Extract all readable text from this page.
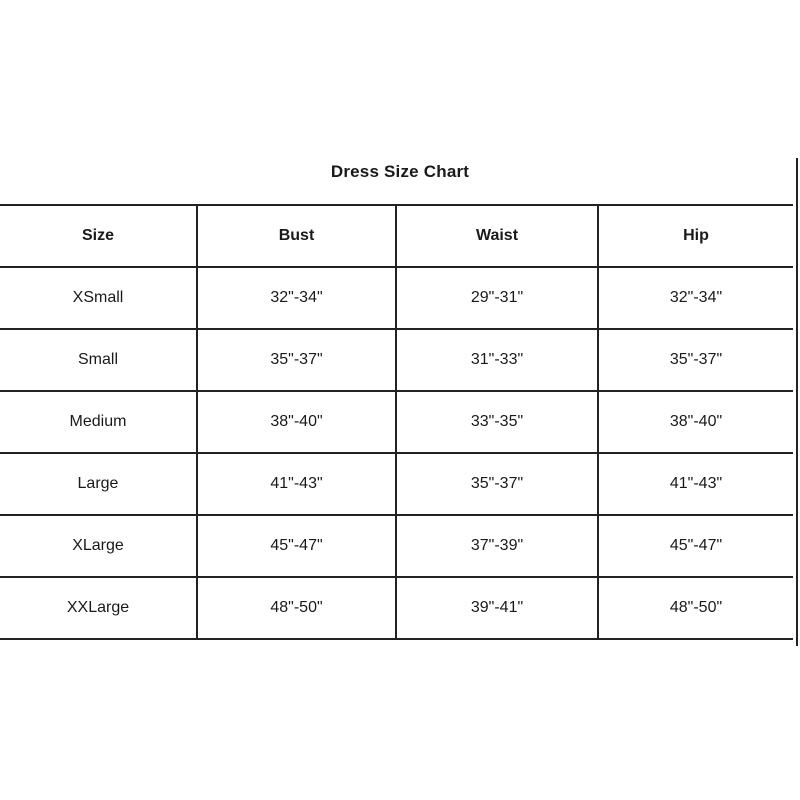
Dress Size Chart
Size	Bust	Waist	Hip
XSmall	32"-34"	29"-31"	32"-34"
Small	35"-37"	31"-33"	35"-37"
Medium	38"-40"	33"-35"	38"-40"
Large	41"-43"	35"-37"	41"-43"
XLarge	45"-47"	37"-39"	45"-47"
XXLarge	48"-50"	39"-41"	48"-50"
